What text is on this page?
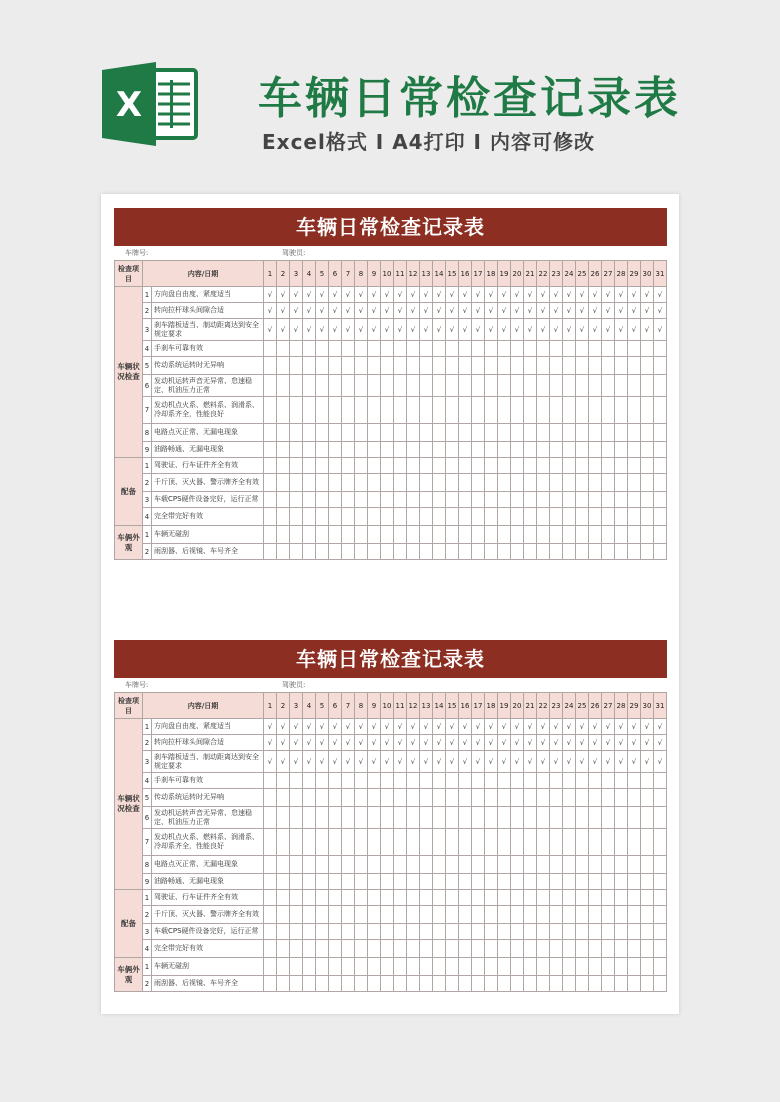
X	车辆日常检查记录表
Excel格式 I A4打印 I 内容可修改
车辆日常检查记录表
车牌号:	驾驶员:
检查项目	内容/日期		1	2	3	4	5	6	7	8	9	10	11	12	13	14	15	16	17	18	19	20	21	22	23	24	25	26	27	28	29	30	31
车辆状况检查	1	方向盘自由度、紧度适当	√	√	√	√	√	√	√	√	√	√	√	√	√	√	√	√	√	√	√	√	√	√	√	√	√	√	√	√	√	√	√
	2	转向拉杆球头间隙合适	√	√	√	√	√	√	√	√	√	√	√	√	√	√	√	√	√	√	√	√	√	√	√	√	√	√	√	√	√	√	√
	3	刹车踏板适当、制动距离达到安全规定要求	√	√	√	√	√	√	√	√	√	√	√	√	√	√	√	√	√	√	√	√	√	√	√	√	√	√	√	√	√	√	√
	4	手刹车可靠有效																															
	5	传动系统运转时无异响																															
	6	发动机运转声音无异常、怠速稳定、机油压力正常																															
	7	发动机点火系、燃料系、润滑系、冷却系齐全，性能良好																															
	8	电路点灭正常、无漏电现象																															
	9	油路畅通、无漏电现象																															
配备	1	驾驶证、行车证件齐全有效																															
	2	千斤顶、灭火器、警示牌齐全有效																															
	3	车载CPS硬件设备完好，运行正常																															
	4	完全带完好有效																															
车俩外观	1	车辆无碰刮																															
	2	雨刮器、后视镜、车号齐全																															
车辆日常检查记录表
车牌号:	驾驶员:
检查项目	内容/日期		1	2	3	4	5	6	7	8	9	10	11	12	13	14	15	16	17	18	19	20	21	22	23	24	25	26	27	28	29	30	31
车辆状况检查	1	方向盘自由度、紧度适当	√	√	√	√	√	√	√	√	√	√	√	√	√	√	√	√	√	√	√	√	√	√	√	√	√	√	√	√	√	√	√
	2	转向拉杆球头间隙合适	√	√	√	√	√	√	√	√	√	√	√	√	√	√	√	√	√	√	√	√	√	√	√	√	√	√	√	√	√	√	√
	3	刹车踏板适当、制动距离达到安全规定要求	√	√	√	√	√	√	√	√	√	√	√	√	√	√	√	√	√	√	√	√	√	√	√	√	√	√	√	√	√	√	√
	4	手刹车可靠有效																															
	5	传动系统运转时无异响																															
	6	发动机运转声音无异常、怠速稳定、机油压力正常																															
	7	发动机点火系、燃料系、润滑系、冷却系齐全，性能良好																															
	8	电路点灭正常、无漏电现象																															
	9	油路畅通、无漏电现象																															
配备	1	驾驶证、行车证件齐全有效																															
	2	千斤顶、灭火器、警示牌齐全有效																															
	3	车载CPS硬件设备完好，运行正常																															
	4	完全带完好有效																															
车俩外观	1	车辆无碰刮																															
	2	雨刮器、后视镜、车号齐全																															
